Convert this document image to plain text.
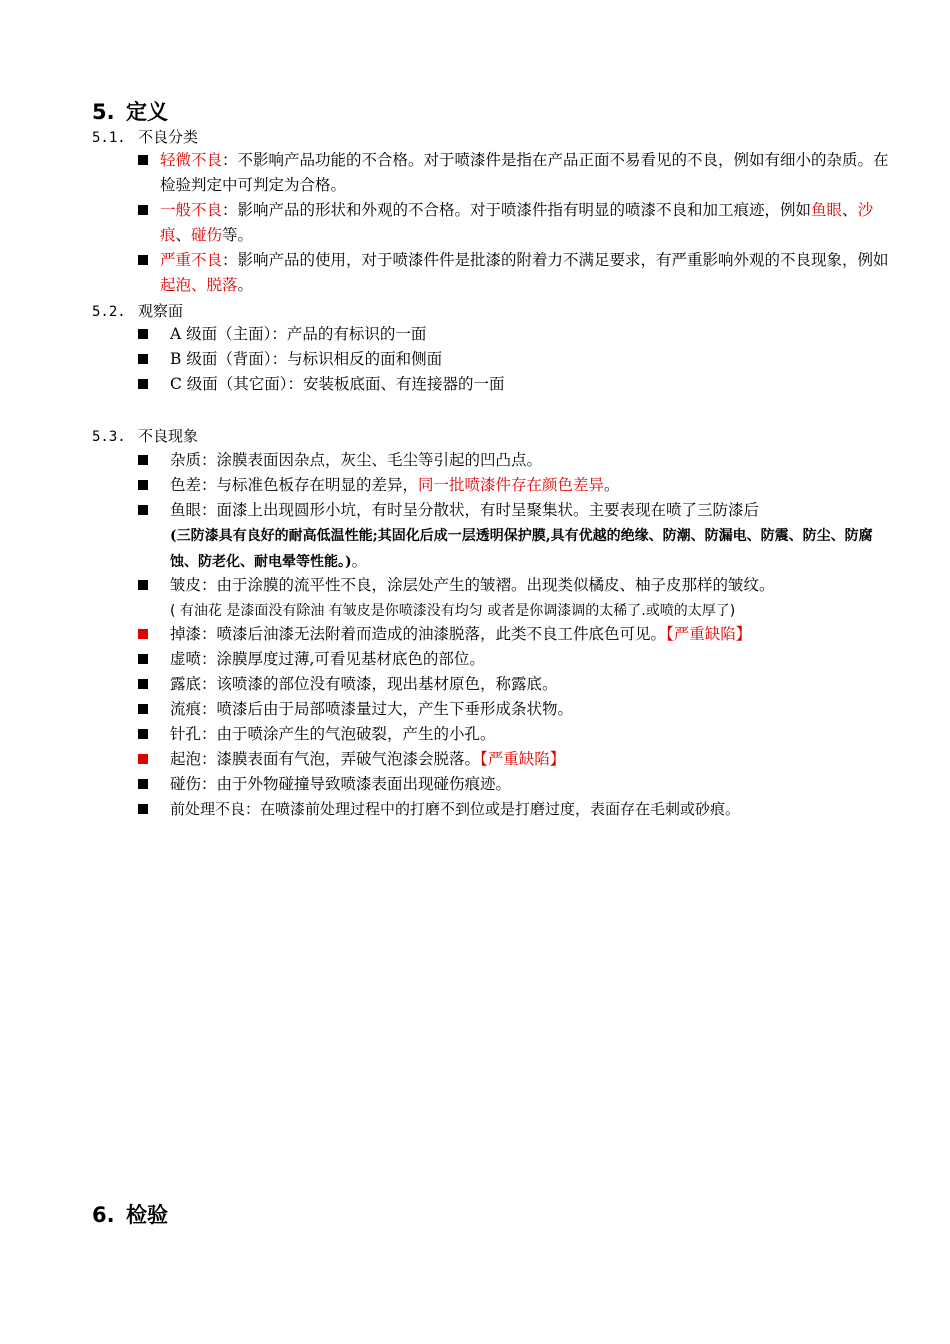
5. 定义
5.1. 不良分类
轻微不良：不影响产品功能的不合格。对于喷漆件是指在产品正面不易看见的不良，例如有细小的杂质。在检验判定中可判定为合格。
一般不良：影响产品的形状和外观的不合格。对于喷漆件指有明显的喷漆不良和加工痕迹，例如鱼眼、沙痕、碰伤等。
严重不良：影响产品的使用，对于喷漆件件是批漆的附着力不满足要求，有严重影响外观的不良现象，例如起泡、脱落。
5.2. 观察面
A 级面（主面）：产品的有标识的一面
B 级面（背面）：与标识相反的面和侧面
C 级面（其它面）：安装板底面、有连接器的一面
5.3. 不良现象
杂质：涂膜表面因杂点，灰尘、毛尘等引起的凹凸点。
色差：与标准色板存在明显的差异，同一批喷漆件存在颜色差异。
鱼眼：面漆上出现圆形小坑，有时呈分散状，有时呈聚集状。主要表现在喷了三防漆后
(三防漆具有良好的耐高低温性能;其固化后成一层透明保护膜,具有优越的绝缘、防潮、防漏电、防震、防尘、防腐蚀、防老化、耐电晕等性能。)。
皱皮：由于涂膜的流平性不良，涂层处产生的皱褶。出现类似橘皮、柚子皮那样的皱纹。
( 有油花 是漆面没有除油 有皱皮是你喷漆没有均匀 或者是你调漆调的太稀了.或喷的太厚了)
掉漆：喷漆后油漆无法附着而造成的油漆脱落，此类不良工件底色可见。【严重缺陷】
虚喷：涂膜厚度过薄,可看见基材底色的部位。
露底：该喷漆的部位没有喷漆，现出基材原色，称露底。
流痕：喷漆后由于局部喷漆量过大，产生下垂形成条状物。
针孔：由于喷涂产生的气泡破裂，产生的小孔。
起泡：漆膜表面有气泡，弄破气泡漆会脱落。【严重缺陷】
碰伤：由于外物碰撞导致喷漆表面出现碰伤痕迹。
前处理不良：在喷漆前处理过程中的打磨不到位或是打磨过度，表面存在毛刺或砂痕。
6. 检验
